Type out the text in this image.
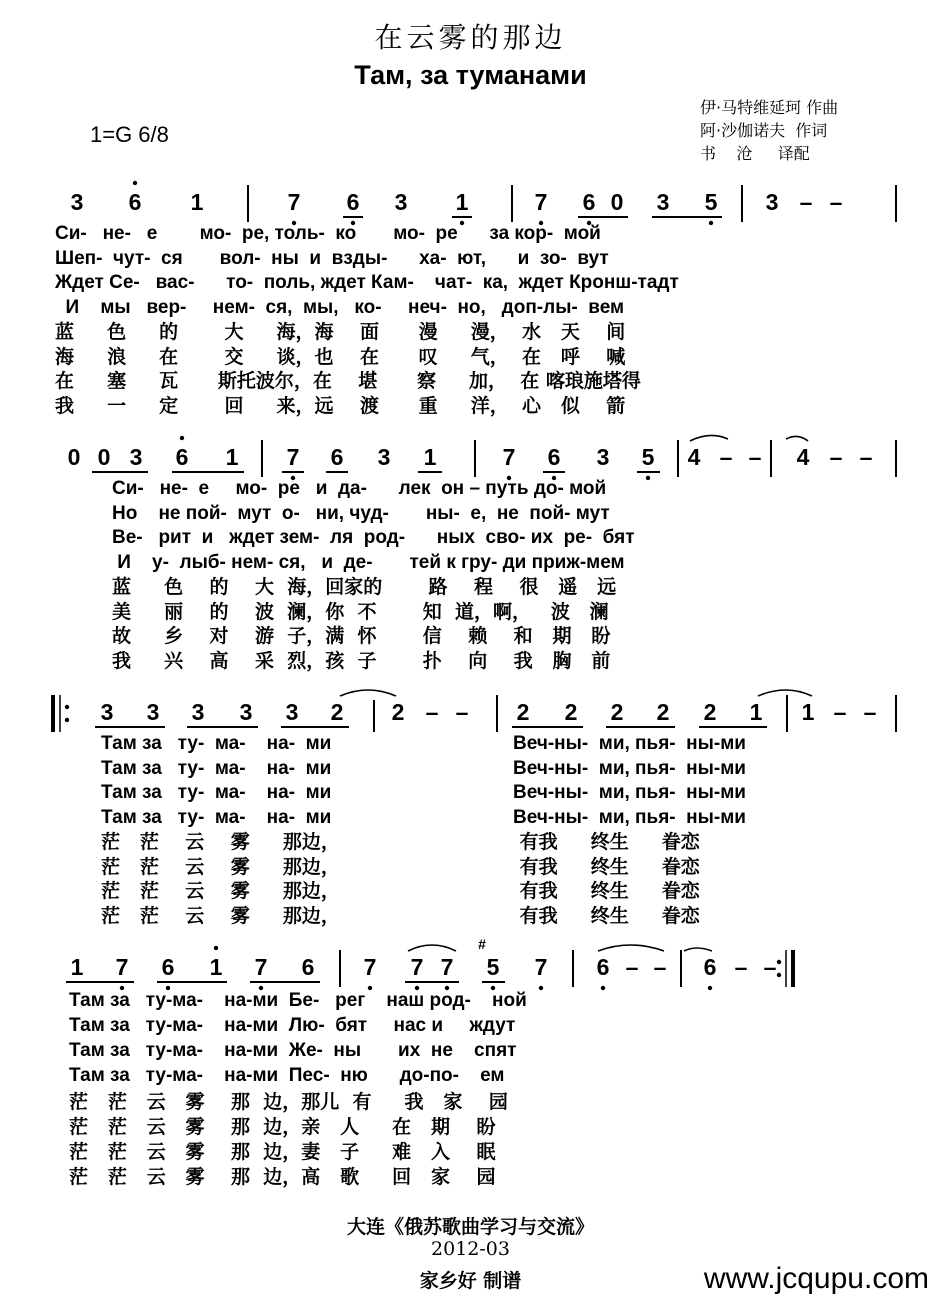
在云雾的那边
Там, за туманами
1=G 6/8
伊·马特维延珂 作曲
阿·沙伽诺夫  作词
书    沧     译配
3 6 1	7 6 3 1	7 6 0 3 5 3 – –
Си-   не-   е        мо-  ре, толь-  ко       мо-  ре      за кор-  мой
Шеп-  чут-  ся       вол-  ны  и  взды-      ха-  ют,      и  зо-  вут
Ждет Се-   вас-      то-  поль, ждет Кам-    чат-  ка,  ждет Кронш-тадт
И    мы   вер-     нем-  ся,  мы,   ко-     неч-  но,   доп-лы-  вем
蓝     色     的       大     海，海    面      漫     漫，  水   天    间
海     浪     在       交     谈，也    在      叹     气，  在   呼    喊
在     塞     瓦      斯托波尔，在    堪      察     加，  在 喀琅施塔得
我     一     定       回     来，远    渡      重     洋，  心   似    箭
0 0 3 6 1 7 6 3 1	7 6 3 5 4 – – 4 – –
Си-   не-  е     мо-  ре   и  да-      лек  он – путь до- мой
Но    не пой-  мут  о-   ни, чуд-       ны-  е,  не  пой- мут
Ве-   рит  и   ждет зем-  ля  род-      ных  сво- их  ре-  бят
И    у-  лыб- нем- ся,   и  де-       тей к гру- ди приж-мем
蓝     色    的    大  海，回家的       路    程    很   遥   远
美     丽    的    波  澜，你  不       知  道，啊，   波   澜
故     乡    对    游  子，满  怀       信    赖    和   期   盼
我     兴    高    采  烈，孩  子       扑    向    我   胸   前
3 3 3 3 3 2 2 – – 2 2 2 2 2 1 1 – –
Там за   ту-  ма-    на-  ми
Там за   ту-  ма-    на-  ми
Там за   ту-  ма-    на-  ми
Там за   ту-  ма-    на-  ми
茫   茫    云    雾     那边，
茫   茫    云    雾     那边，
茫   茫    云    雾     那边，
茫   茫    云    雾     那边，
Веч-ны-  ми, пья-  ны-ми
Веч-ны-  ми, пья-  ны-ми
Веч-ны-  ми, пья-  ны-ми
Веч-ны-  ми, пья-  ны-ми
有我     终生     眷恋
有我     终生     眷恋
有我     终生     眷恋
有我     终生     眷恋
1 7 6 1 7 6 7 7 7 5 7 6 – – 6 – –
#
Там за   ту-ма-    на-ми  Бе-   рег    наш род-    ной
Там за   ту-ма-    на-ми  Лю-  бят     нас и     ждут
Там за   ту-ма-    на-ми  Же-  ны       их  не    спят
Там за   ту-ма-    на-ми  Пес-  ню      до-по-    ем
茫   茫   云   雾    那  边，那儿  有     我   家    园
茫   茫   云   雾    那  边，亲   人     在   期    盼
茫   茫   云   雾    那  边，妻   子     难   入    眠
茫   茫   云   雾    那  边，高   歌     回   家    园
大连《俄苏歌曲学习与交流》
2012-03
家乡好 制谱	www.jcqupu.com
